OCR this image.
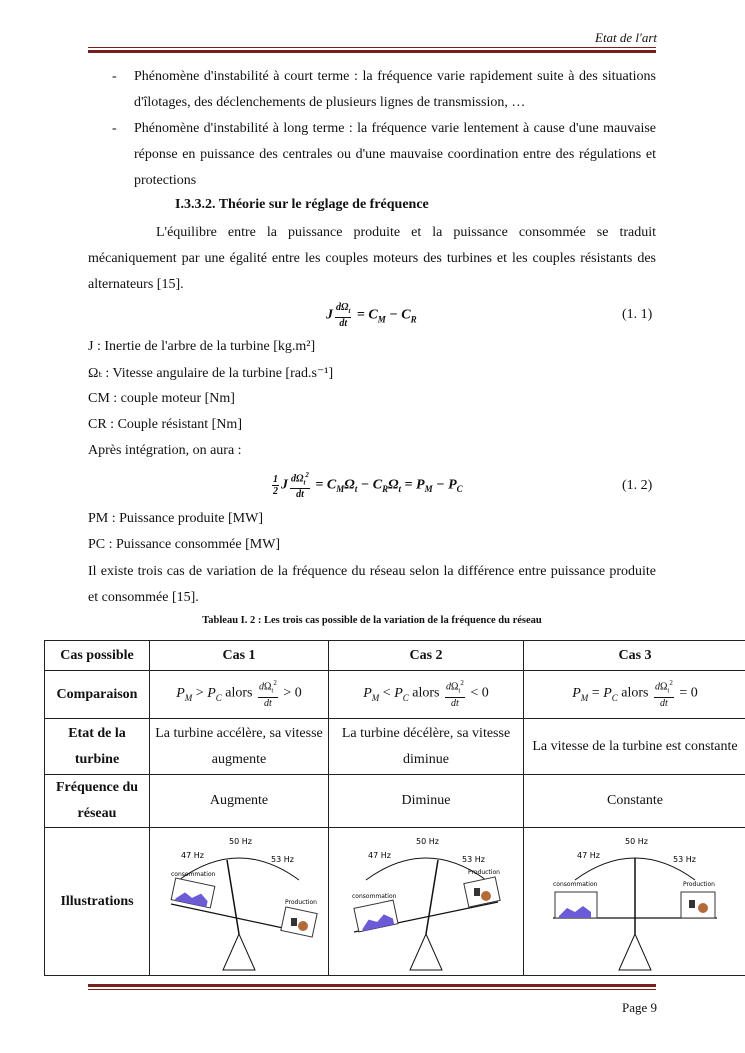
Etat de l'art
- Phénomène d'instabilité à court terme : la fréquence varie rapidement suite à des situations d'îlotages, des déclenchements de plusieurs lignes de transmission, …
- Phénomène d'instabilité à long terme : la fréquence varie lentement à cause d'une mauvaise réponse en puissance des centrales ou d'une mauvaise coordination entre des régulations et protections
I.3.3.2. Théorie sur le réglage de fréquence
L'équilibre entre la puissance produite et la puissance consommée se traduit mécaniquement par une égalité entre les couples moteurs des turbines et les couples résistants des alternateurs [15].
J $\frac{d\Omega_t}{dt} = C_M - C_R$	(1. 1)
J : Inertie de l'arbre de la turbine [kg.m²]
Ωₜ : Vitesse angulaire de la turbine [rad.s⁻¹]
CM : couple moteur [Nm]
CR : Couple résistant [Nm]
Après intégration, on aura :
$\frac{1}{2}$ J $\frac{d\Omega_t^2}{dt} = C_M\Omega_t - C_R\Omega_t = P_M - P_C$	(1. 2)
PM : Puissance produite [MW]
PC : Puissance consommée [MW]
Il existe trois cas de variation de la fréquence du réseau selon la différence entre puissance produite et consommée [15].
Tableau I. 2 : Les trois cas possible de la variation de la fréquence du réseau
Cas possible	Cas 1	Cas 2	Cas 3
Comparaison	$P_M > P_C$ alors $\frac{d\Omega_t^2}{dt} > 0$	$P_M < P_C$ alors $\frac{d\Omega_t^2}{dt} < 0$	$P_M = P_C$ alors $\frac{d\Omega_t^2}{dt} = 0$
Etat de la turbine	La turbine accélère, sa vitesse augmente	La turbine décélère, sa vitesse diminue	La vitesse de la turbine est constante
Fréquence du réseau	Augmente	Diminue	Constante
Illustrations	50 Hz
47 Hz 53 Hz
consommation
Production	50 Hz
47 Hz 53 Hz
consommation
Production	50 Hz
47 Hz 53 Hz
consommation Production
Page 9
